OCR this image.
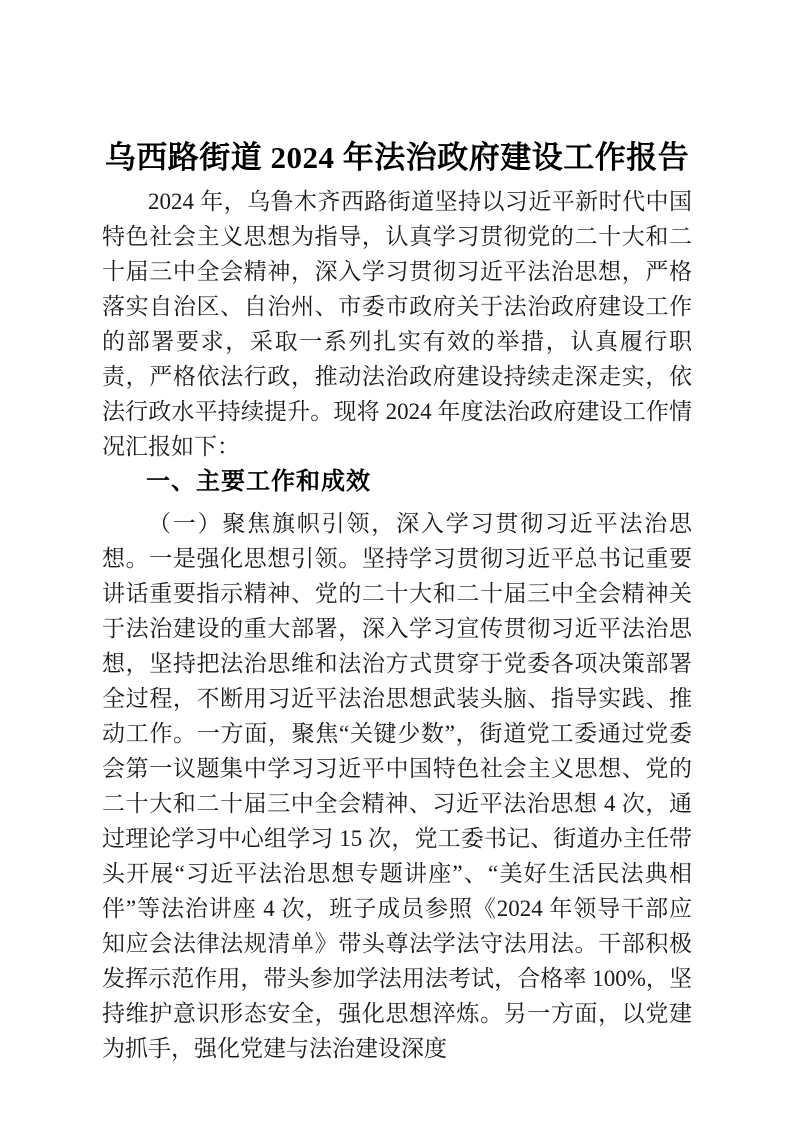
乌西路街道 2024 年法治政府建设工作报告

2024 年，乌鲁木齐西路街道坚持以习近平新时代中国特色社会主义思想为指导，认真学习贯彻党的二十大和二十届三中全会精神，深入学习贯彻习近平法治思想，严格落实自治区、自治州、市委市政府关于法治政府建设工作的部署要求，采取一系列扎实有效的举措，认真履行职责，严格依法行政，推动法治政府建设持续走深走实，依法行政水平持续提升。现将 2024 年度法治政府建设工作情况汇报如下：

一、主要工作和成效

（一）聚焦旗帜引领，深入学习贯彻习近平法治思想。一是强化思想引领。坚持学习贯彻习近平总书记重要讲话重要指示精神、党的二十大和二十届三中全会精神关于法治建设的重大部署，深入学习宣传贯彻习近平法治思想，坚持把法治思维和法治方式贯穿于党委各项决策部署全过程，不断用习近平法治思想武装头脑、指导实践、推动工作。一方面，聚焦“关键少数”，街道党工委通过党委会第一议题集中学习习近平中国特色社会主义思想、党的二十大和二十届三中全会精神、习近平法治思想 4 次，通过理论学习中心组学习 15 次，党工委书记、街道办主任带头开展“习近平法治思想专题讲座”、“美好生活民法典相伴”等法治讲座 4 次，班子成员参照《2024 年领导干部应知应会法律法规清单》带头尊法学法守法用法。干部积极发挥示范作用，带头参加学法用法考试，合格率 100%，坚持维护意识形态安全，强化思想淬炼。另一方面，以党建为抓手，强化党建与法治建设深度
